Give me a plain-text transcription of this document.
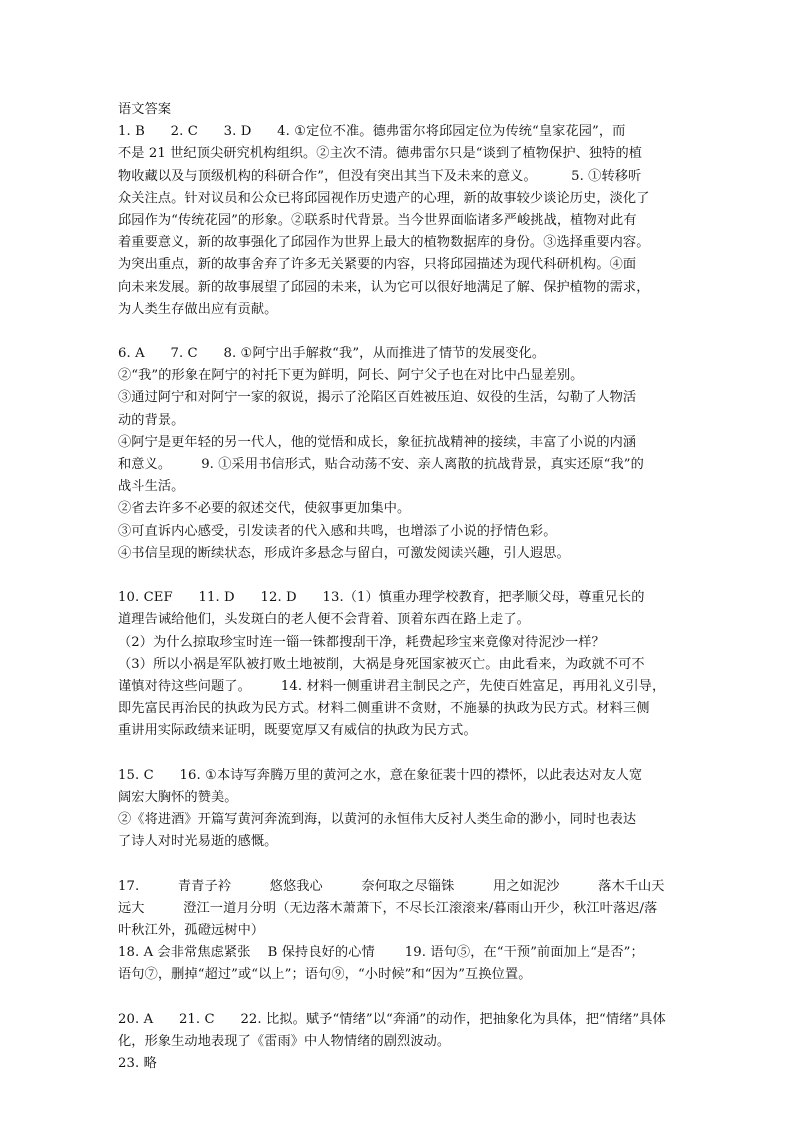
语文答案
1. B      2. C      3. D      4. ①定位不准。德弗雷尔将邱园定位为传统“皇家花园”，而
不是 21 世纪顶尖研究机构组织。②主次不清。德弗雷尔只是“谈到了植物保护、独特的植
物收藏以及与顶级机构的科研合作”，但没有突出其当下及未来的意义。        5. ①转移听
众关注点。针对议员和公众已将邱园视作历史遗产的心理，新的故事较少谈论历史，淡化了
邱园作为“传统花园”的形象。②联系时代背景。当今世界面临诸多严峻挑战，植物对此有
着重要意义，新的故事强化了邱园作为世界上最大的植物数据库的身份。③选择重要内容。
为突出重点，新的故事舍弃了许多无关紧要的内容，只将邱园描述为现代科研机构。④面
向未来发展。新的故事展望了邱园的未来，认为它可以很好地满足了解、保护植物的需求，
为人类生存做出应有贡献。
6. A      7. C      8. ①阿宁出手解救“我”，从而推进了情节的发展变化。
②“我”的形象在阿宁的衬托下更为鲜明，阿长、阿宁父子也在对比中凸显差别。
③通过阿宁和对阿宁一家的叙说，揭示了沦陷区百姓被压迫、奴役的生活，勾勒了人物活
动的背景。
④阿宁是更年轻的另一代人，他的觉悟和成长，象征抗战精神的接续，丰富了小说的内涵
和意义。       9. ①采用书信形式，贴合动荡不安、亲人离散的抗战背景，真实还原“我”的
战斗生活。
②省去许多不必要的叙述交代，使叙事更加集中。
③可直诉内心感受，引发读者的代入感和共鸣，也增添了小说的抒情色彩。
④书信呈现的断续状态，形成许多悬念与留白，可激发阅读兴趣，引人遐思。
10. CEF      11. D      12. D      13.（1）慎重办理学校教育，把孝顺父母，尊重兄长的
道理告诫给他们，头发斑白的老人便不会背着、顶着东西在路上走了。
（2）为什么掠取珍宝时连一锱一铢都搜刮干净，耗费起珍宝来竟像对待泥沙一样？
（3）所以小祸是军队被打败土地被削，大祸是身死国家被灭亡。由此看来，为政就不可不
谨慎对待这些问题了。       14. 材料一侧重讲君主制民之产，先使百姓富足，再用礼义引导，
即先富民再治民的执政为民方式。材料二侧重讲不贪财，不施暴的执政为民方式。材料三侧
重讲用实际政绩来证明，既要宽厚又有威信的执政为民方式。
15. C      16. ①本诗写奔腾万里的黄河之水，意在象征裴十四的襟怀，以此表达对友人宽
阔宏大胸怀的赞美。
②《将进酒》开篇写黄河奔流到海，以黄河的永恒伟大反衬人类生命的渺小，同时也表达
了诗人对时光易逝的感慨。
17.         青青子衿         悠悠我心         奈何取之尽锱铢         用之如泥沙         落木千山天
远大         澄江一道月分明（无边落木萧萧下，不尽长江滚滚来/暮雨山开少，秋江叶落迟/落
叶秋江外，孤磴远树中）
18. A 会非常焦虑紧张    B 保持良好的心情       19. 语句⑤，在“干预”前面加上“是否”；
语句⑦，删掉“超过”或“以上”；语句⑨，“小时候”和“因为”互换位置。
20. A      21. C      22. 比拟。赋予“情绪”以“奔涌”的动作，把抽象化为具体，把“情绪”具体
化，形象生动地表现了《雷雨》中人物情绪的剧烈波动。
23. 略
